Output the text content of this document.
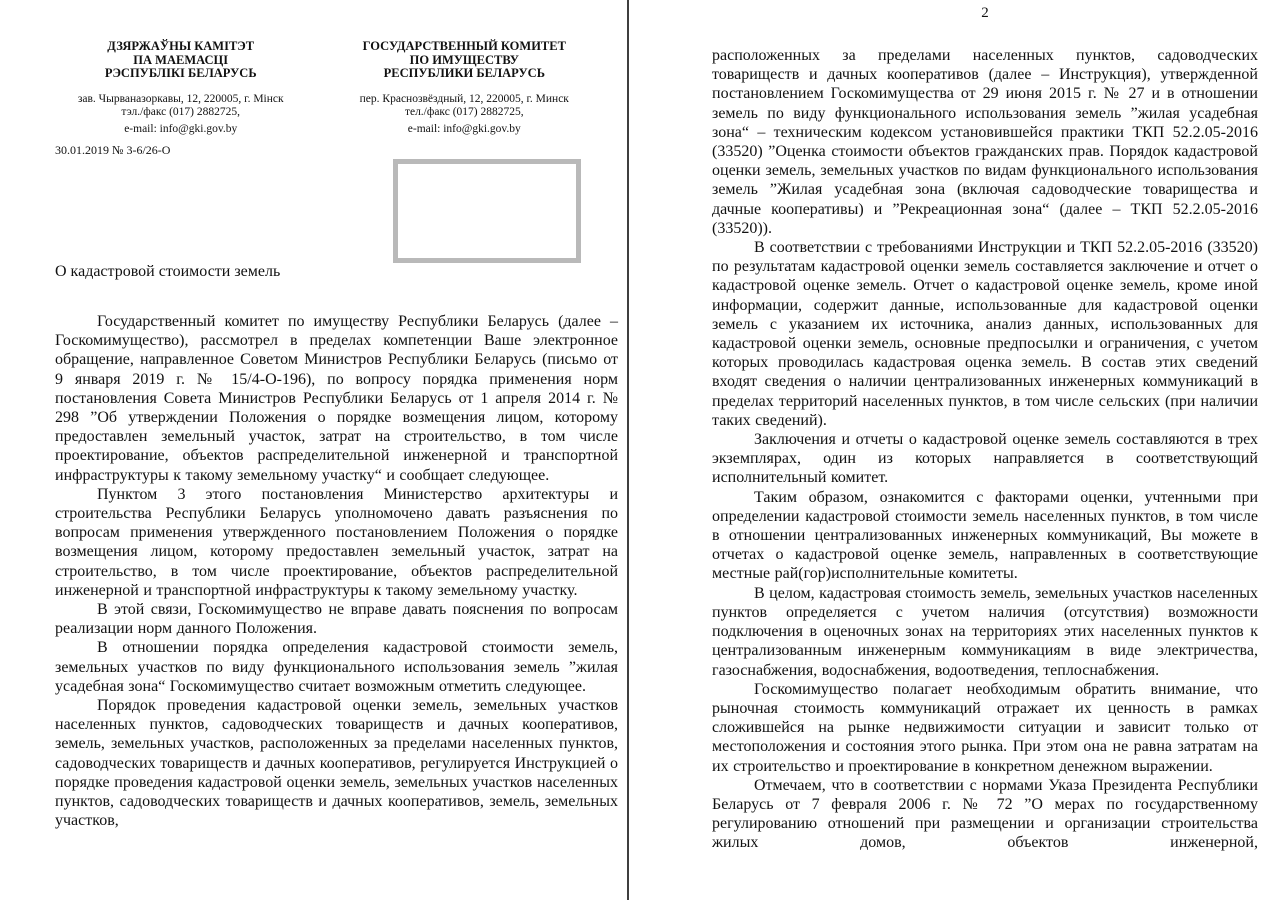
ДЗЯРЖАЎНЫ КАМІТЭТ
ПА МАЕМАСЦІ
РЭСПУБЛІКІ БЕЛАРУСЬ
зав. Чырваназоркавы, 12, 220005, г. Мінск
тэл./факс (017) 2882725,
e-mail: info@gki.gov.by
ГОСУДАРСТВЕННЫЙ КОМИТЕТ
ПО ИМУЩЕСТВУ
РЕСПУБЛИКИ БЕЛАРУСЬ
пер. Краснозвёздный, 12, 220005, г. Минск
тел./факс (017) 2882725,
e-mail: info@gki.gov.by
30.01.2019 № 3-6/26-О
О кадастровой стоимости земель

Государственный комитет по имуществу Республики Беларусь (далее – Госкомимущество), рассмотрел в пределах компетенции Ваше электронное обращение, направленное Советом Министров Республики Беларусь (письмо от 9 января 2019 г. № 15/4-О-196), по вопросу порядка применения норм постановления Совета Министров Республики Беларусь от 1 апреля 2014 г. № 298 ”Об утверждении Положения о порядке возмещения лицом, которому предоставлен земельный участок, затрат на строительство, в том числе проектирование, объектов распределительной инженерной и транспортной инфраструктуры к такому земельному участку“ и сообщает следующее.

Пунктом 3 этого постановления Министерство архитектуры и строительства Республики Беларусь уполномочено давать разъяснения по вопросам применения утвержденного постановлением Положения о порядке возмещения лицом, которому предоставлен земельный участок, затрат на строительство, в том числе проектирование, объектов распределительной инженерной и транспортной инфраструктуры к такому земельному участку.

В этой связи, Госкомимущество не вправе давать пояснения по вопросам реализации норм данного Положения.

В отношении порядка определения кадастровой стоимости земель, земельных участков по виду функционального использования земель ”жилая усадебная зона“ Госкомимущество считает возможным отметить следующее.

Порядок проведения кадастровой оценки земель, земельных участков населенных пунктов, садоводческих товариществ и дачных кооперативов, земель, земельных участков, расположенных за пределами населенных пунктов, садоводческих товариществ и дачных кооперативов, регулируется Инструкцией о порядке проведения кадастровой оценки земель, земельных участков населенных пунктов, садоводческих товариществ и дачных кооперативов, земель, земельных участков,

2

расположенных за пределами населенных пунктов, садоводческих товариществ и дачных кооперативов (далее – Инструкция), утвержденной постановлением Госкомимущества от 29 июня 2015 г. № 27 и в отношении земель по виду функционального использования земель ”жилая усадебная зона“ – техническим кодексом установившейся практики ТКП 52.2.05-2016 (33520) ”Оценка стоимости объектов гражданских прав. Порядок кадастровой оценки земель, земельных участков по видам функционального использования земель ”Жилая усадебная зона (включая садоводческие товарищества и дачные кооперативы) и ”Рекреационная зона“ (далее – ТКП 52.2.05-2016 (33520)).

В соответствии с требованиями Инструкции и ТКП 52.2.05-2016 (33520) по результатам кадастровой оценки земель составляется заключение и отчет о кадастровой оценке земель. Отчет о кадастровой оценке земель, кроме иной информации, содержит данные, использованные для кадастровой оценки земель с указанием их источника, анализ данных, использованных для кадастровой оценки земель, основные предпосылки и ограничения, с учетом которых проводилась кадастровая оценка земель. В состав этих сведений входят сведения о наличии централизованных инженерных коммуникаций в пределах территорий населенных пунктов, в том числе сельских (при наличии таких сведений).

Заключения и отчеты о кадастровой оценке земель составляются в трех экземплярах, один из которых направляется в соответствующий исполнительный комитет.

Таким образом, ознакомится с факторами оценки, учтенными при определении кадастровой стоимости земель населенных пунктов, в том числе в отношении централизованных инженерных коммуникаций, Вы можете в отчетах о кадастровой оценке земель, направленных в соответствующие местные рай(гор)исполнительные комитеты.

В целом, кадастровая стоимость земель, земельных участков населенных пунктов определяется с учетом наличия (отсутствия) возможности подключения в оценочных зонах на территориях этих населенных пунктов к централизованным инженерным коммуникациям в виде электричества, газоснабжения, водоснабжения, водоотведения, теплоснабжения.

Госкомимущество полагает необходимым обратить внимание, что рыночная стоимость коммуникаций отражает их ценность в рамках сложившейся на рынке недвижимости ситуации и зависит только от местоположения и состояния этого рынка. При этом она не равна затратам на их строительство и проектирование в конкретном денежном выражении.

Отмечаем, что в соответствии с нормами Указа Президента Республики Беларусь от 7 февраля 2006 г. № 72 ”О мерах по государственному регулированию отношений при размещении и организации строительства жилых домов, объектов инженерной,
